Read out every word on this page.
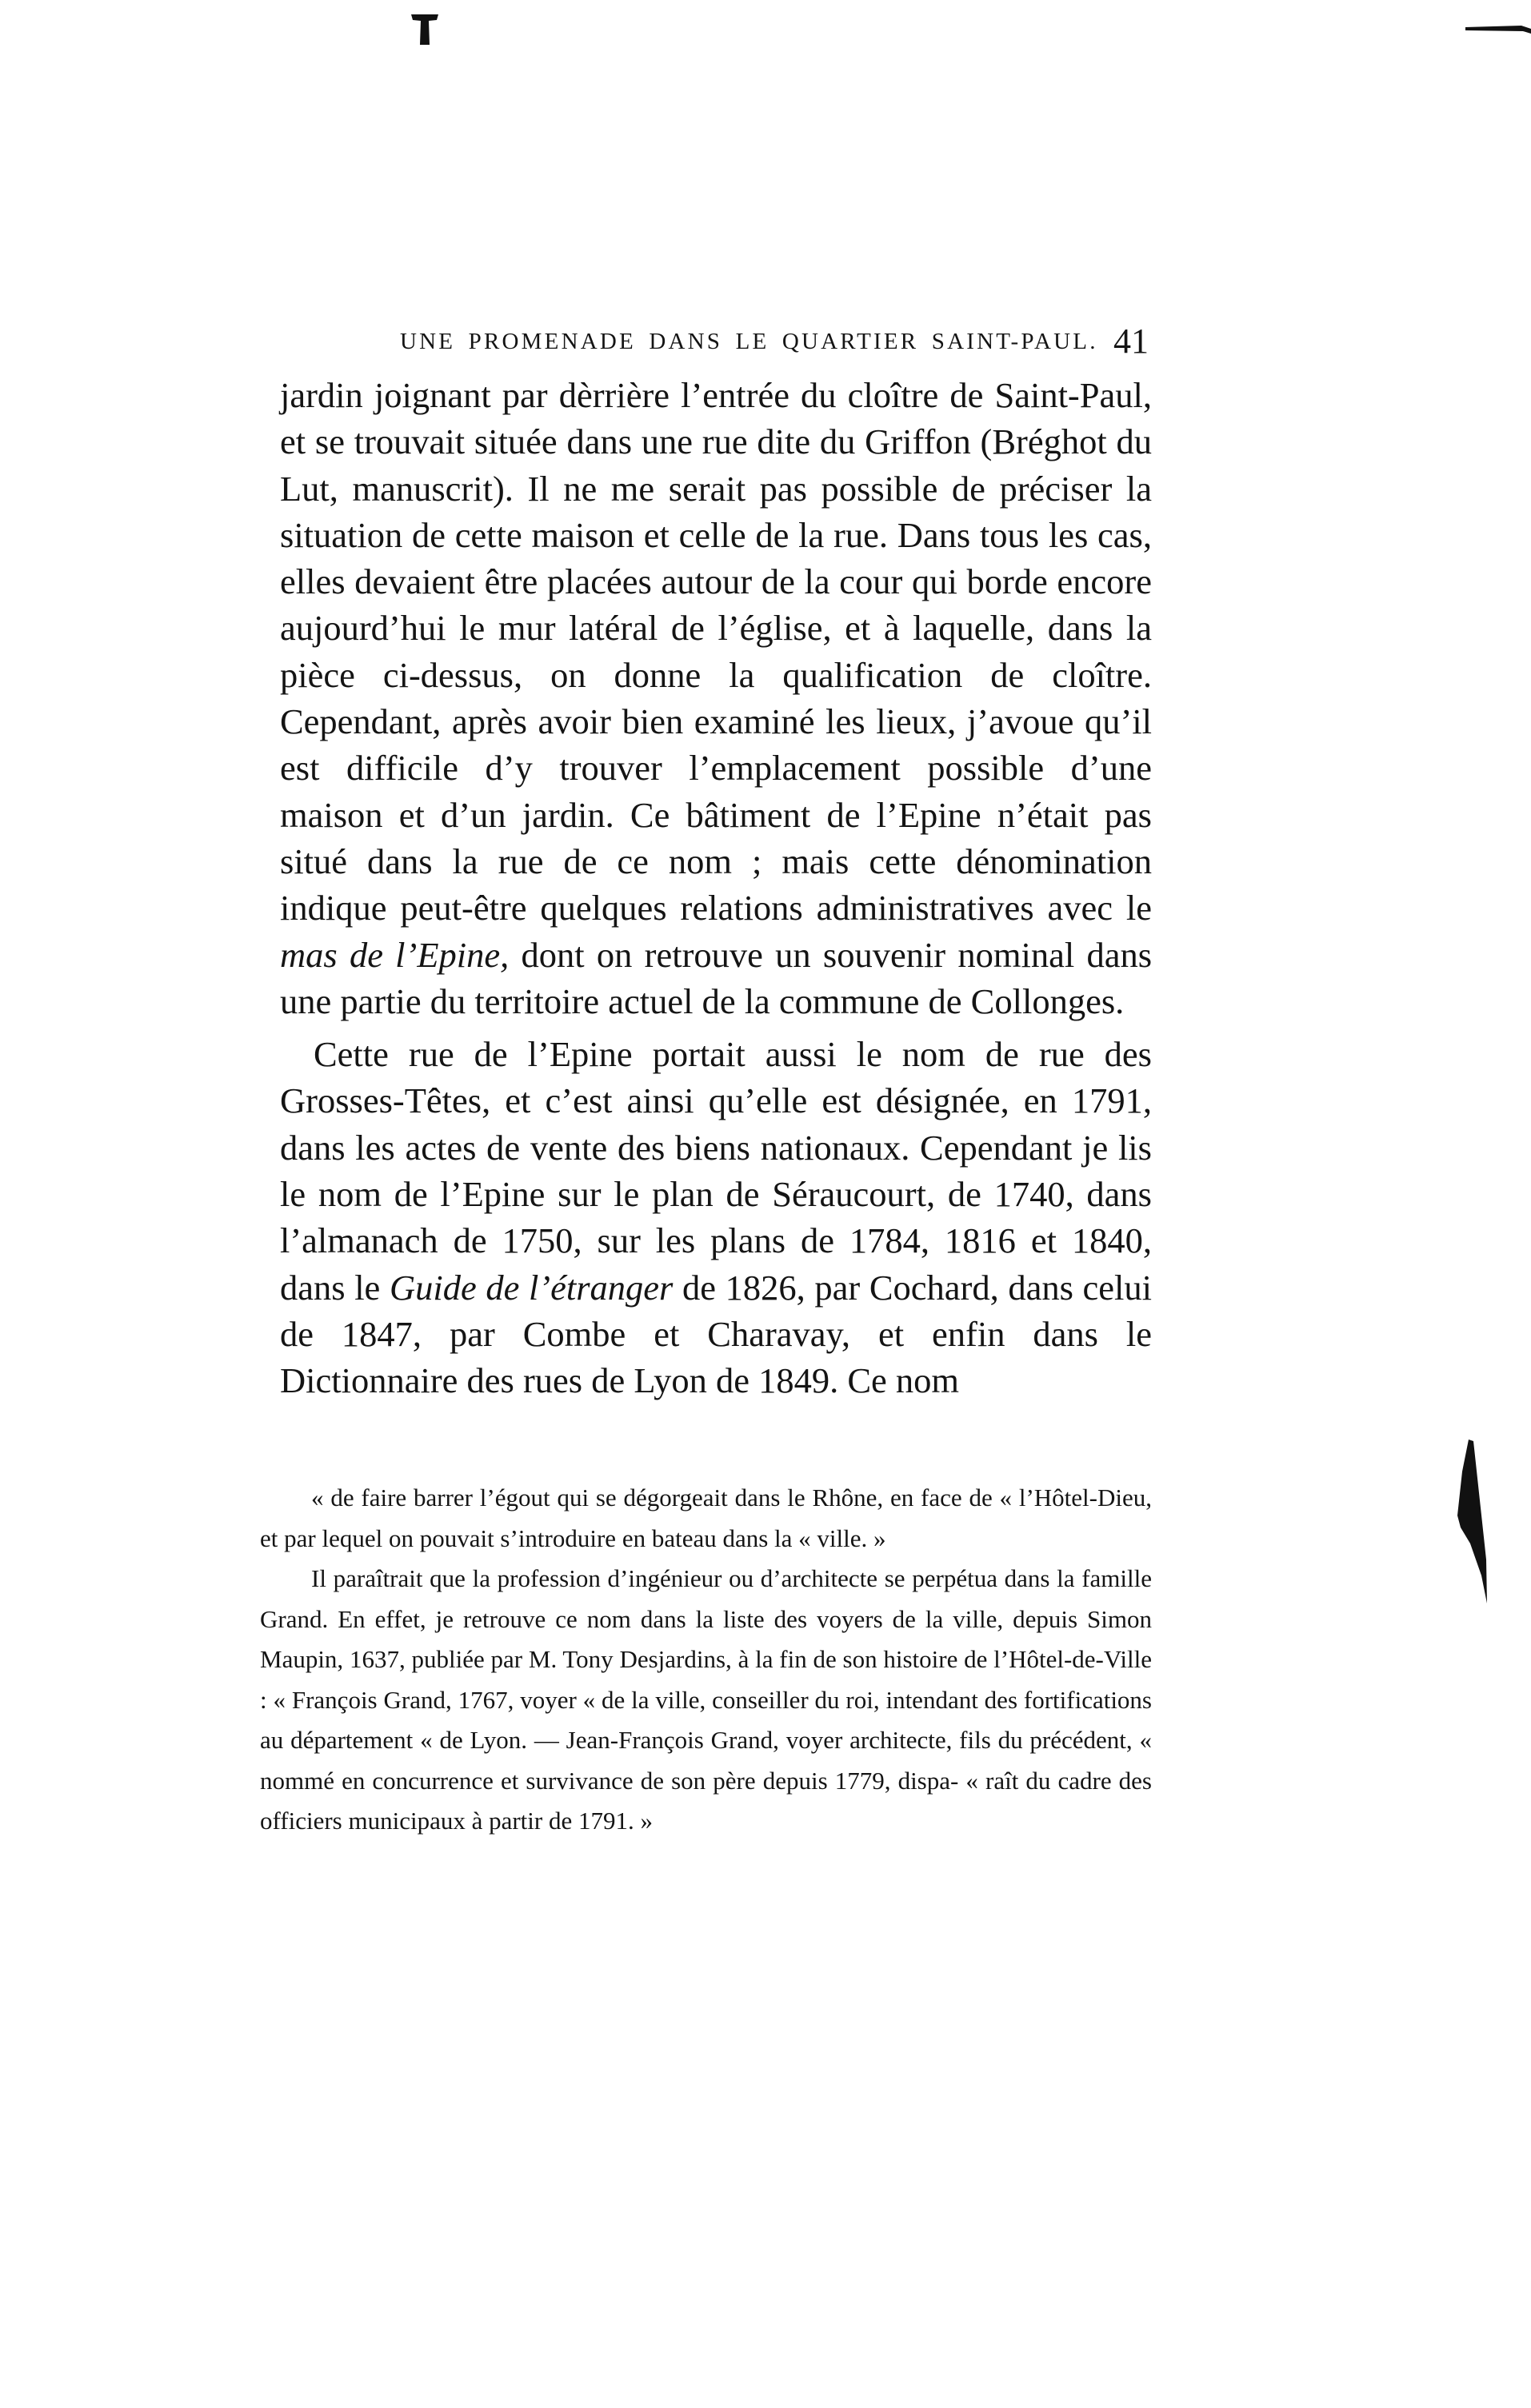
UNE PROMENADE DANS LE QUARTIER SAINT-PAUL. 41

jardin joignant par dèrrière l’entrée du cloître de Saint-Paul, et se trouvait située dans une rue dite du Griffon (Bréghot du Lut, manuscrit). Il ne me serait pas possible de préciser la situation de cette maison et celle de la rue. Dans tous les cas, elles devaient être placées autour de la cour qui borde encore aujourd’hui le mur latéral de l’église, et à laquelle, dans la pièce ci-dessus, on donne la qualification de cloître. Cependant, après avoir bien examiné les lieux, j’avoue qu’il est difficile d’y trouver l’emplacement possible d’une maison et d’un jardin. Ce bâtiment de l’Epine n’était pas situé dans la rue de ce nom ; mais cette dénomination indique peut-être quelques relations administratives avec le mas de l’Epine, dont on retrouve un souvenir nominal dans une partie du territoire actuel de la commune de Collonges.

Cette rue de l’Epine portait aussi le nom de rue des Grosses-Têtes, et c’est ainsi qu’elle est désignée, en 1791, dans les actes de vente des biens nationaux. Cependant je lis le nom de l’Epine sur le plan de Séraucourt, de 1740, dans l’almanach de 1750, sur les plans de 1784, 1816 et 1840, dans le Guide de l’étranger de 1826, par Cochard, dans celui de 1847, par Combe et Charavay, et enfin dans le Dictionnaire des rues de Lyon de 1849. Ce nom

« de faire barrer l’égout qui se dégorgeait dans le Rhône, en face de « l’Hôtel-Dieu, et par lequel on pouvait s’introduire en bateau dans la « ville. »

Il paraîtrait que la profession d’ingénieur ou d’architecte se perpétua dans la famille Grand. En effet, je retrouve ce nom dans la liste des voyers de la ville, depuis Simon Maupin, 1637, publiée par M. Tony Desjardins, à la fin de son histoire de l’Hôtel-de-Ville : « François Grand, 1767, voyer « de la ville, conseiller du roi, intendant des fortifications au département « de Lyon. — Jean-François Grand, voyer architecte, fils du précédent, « nommé en concurrence et survivance de son père depuis 1779, dispa- « raît du cadre des officiers municipaux à partir de 1791. »
